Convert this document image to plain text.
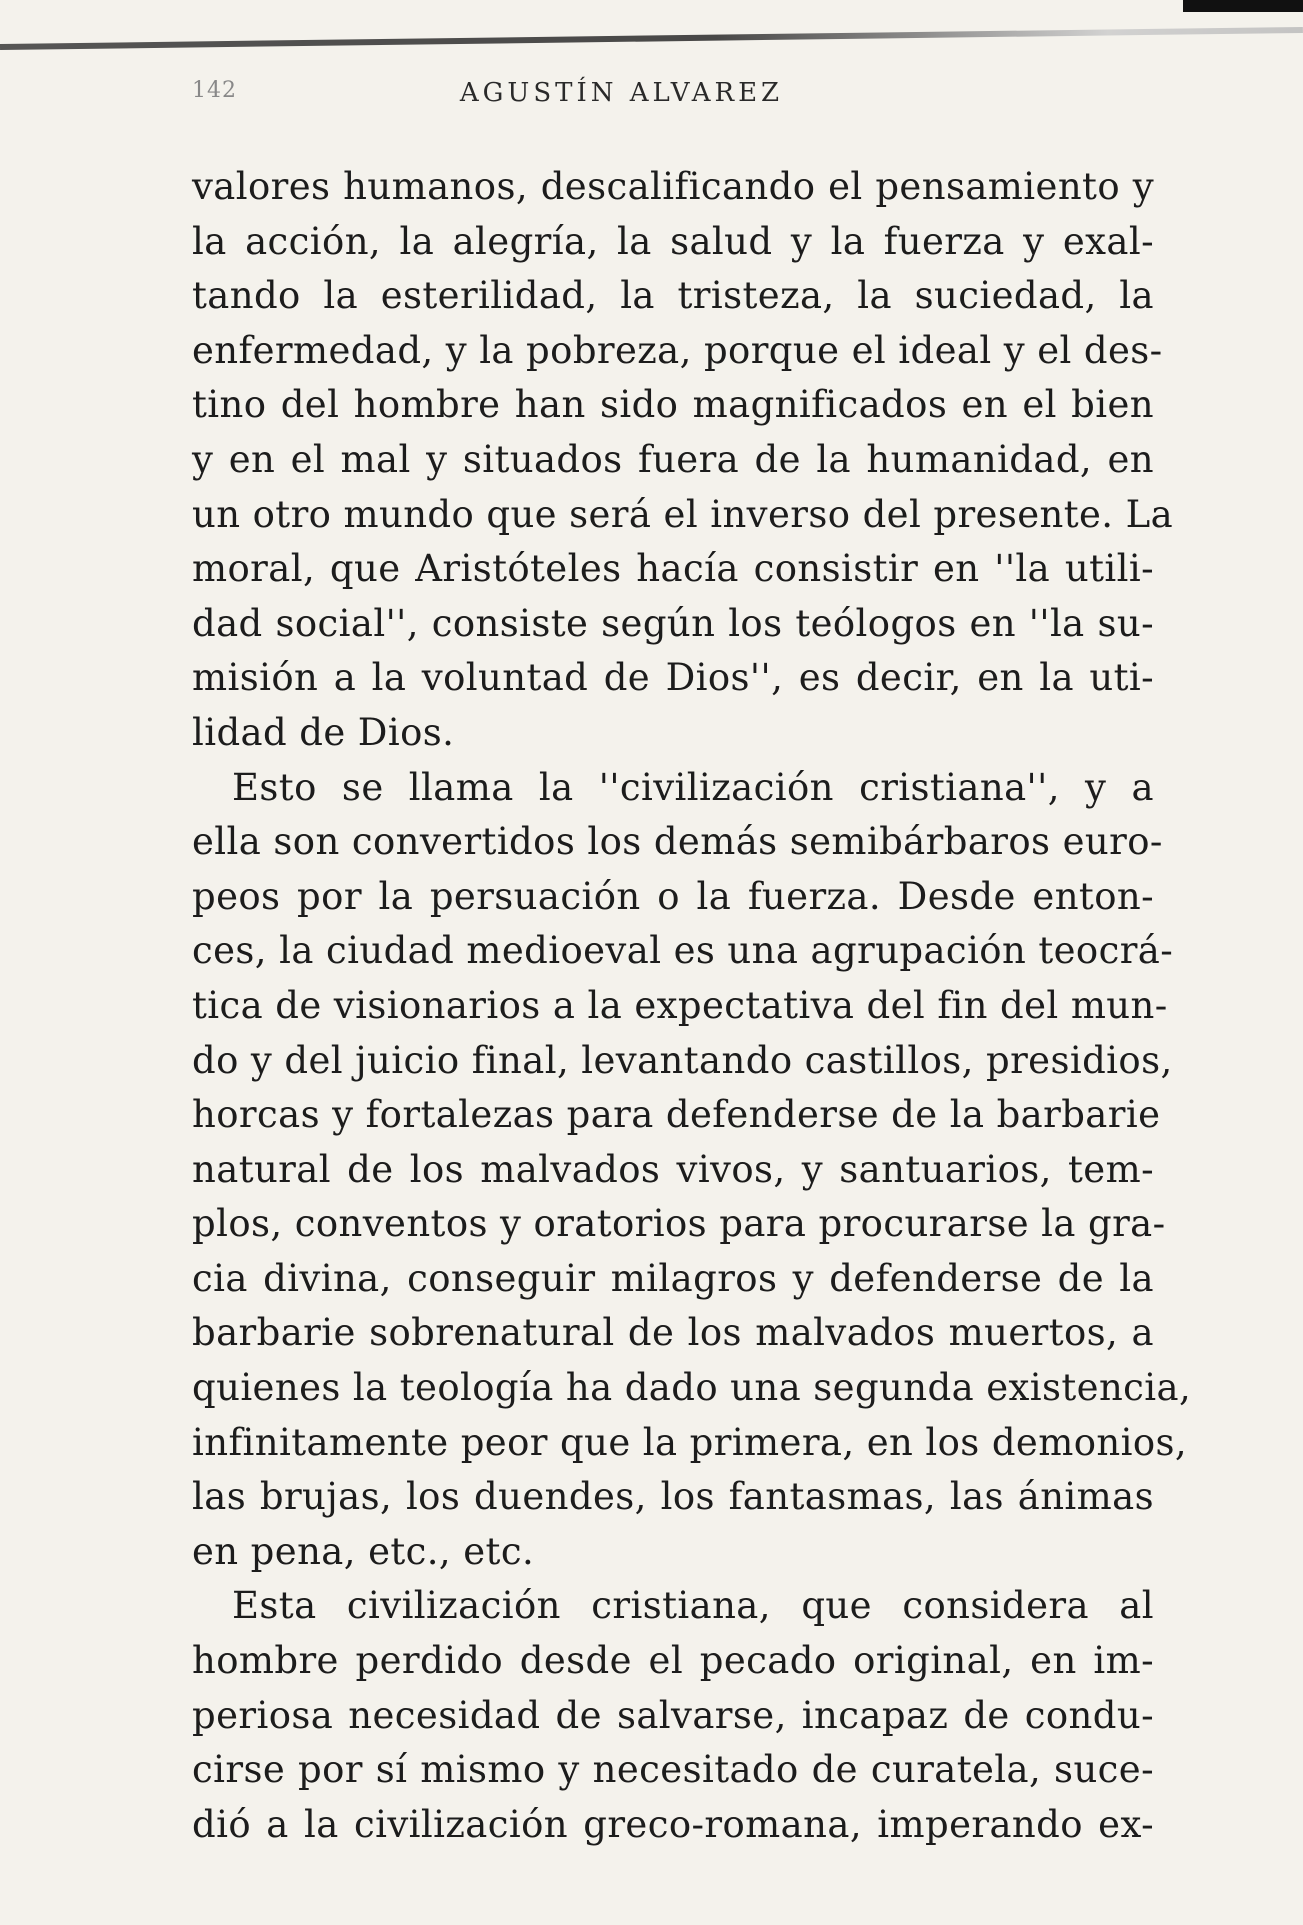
142	AGUSTÍN ALVAREZ
valores humanos, descalificando el pensamiento y
la acción, la alegría, la salud y la fuerza y exal-
tando la esterilidad, la tristeza, la suciedad, la
enfermedad, y la pobreza, porque el ideal y el des-
tino del hombre han sido magnificados en el bien
y en el mal y situados fuera de la humanidad, en
un otro mundo que será el inverso del presente. La
moral, que Aristóteles hacía consistir en ''la utili-
dad social'', consiste según los teólogos en ''la su-
misión a la voluntad de Dios'', es decir, en la uti-
lidad de Dios.
Esto se llama la ''civilización cristiana'', y a
ella son convertidos los demás semibárbaros euro-
peos por la persuación o la fuerza. Desde enton-
ces, la ciudad medioeval es una agrupación teocrá-
tica de visionarios a la expectativa del fin del mun-
do y del juicio final, levantando castillos, presidios,
horcas y fortalezas para defenderse de la barbarie
natural de los malvados vivos, y santuarios, tem-
plos, conventos y oratorios para procurarse la gra-
cia divina, conseguir milagros y defenderse de la
barbarie sobrenatural de los malvados muertos, a
quienes la teología ha dado una segunda existencia,
infinitamente peor que la primera, en los demonios,
las brujas, los duendes, los fantasmas, las ánimas
en pena, etc., etc.
Esta civilización cristiana, que considera al
hombre perdido desde el pecado original, en im-
periosa necesidad de salvarse, incapaz de condu-
cirse por sí mismo y necesitado de curatela, suce-
dió a la civilización greco-romana, imperando ex-
